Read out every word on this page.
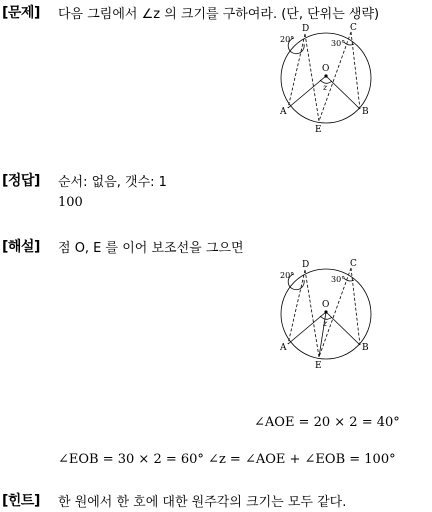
[문제] 다음 그림에서 ∠z 의 크기를 구하여라. (단, 단위는 생략)
D	C
O
A	B
E
20°	30°
z
[정답] 순서: 없음, 갯수: 1
100
[해설] 점 O, E 를 이어 보조선을 그으면
D	C
O
A	B
E
20°	30°
z
∠AOE = 20 × 2 = 40°
∠EOB = 30 × 2 = 60° ∠z = ∠AOE + ∠EOB = 100°
[힌트] 한 원에서 한 호에 대한 원주각의 크기는 모두 같다.
